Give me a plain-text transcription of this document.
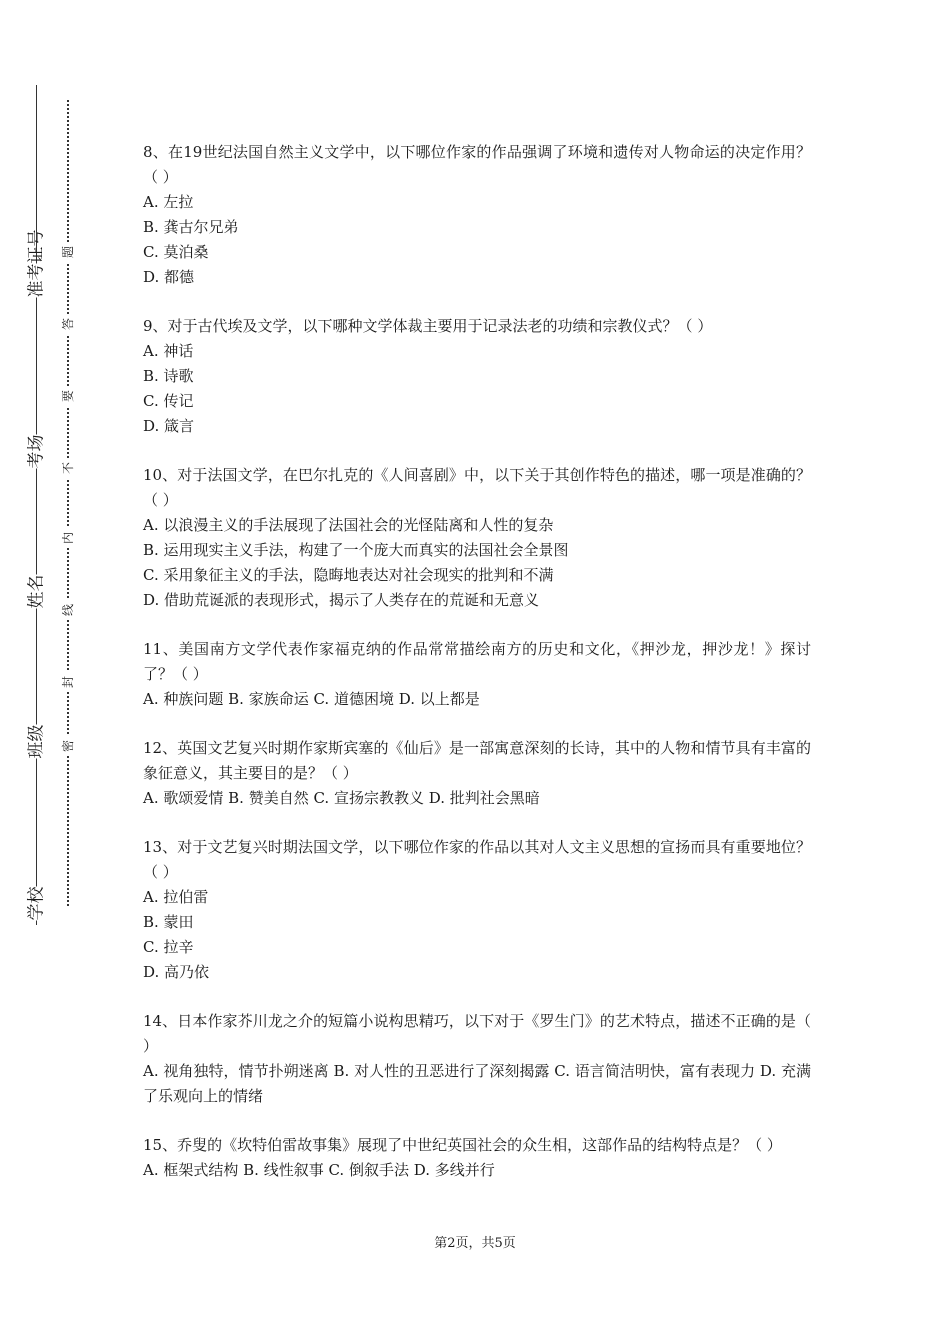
学校
班级
姓名
考场
准考证号
密
封
线
内
不
要
答
题

8、在19世纪法国自然主义文学中，以下哪位作家的作品强调了环境和遗传对人物命运的决定作用？（ ）

A. 左拉

B. 龚古尔兄弟

C. 莫泊桑

D. 都德

9、对于古代埃及文学，以下哪种文学体裁主要用于记录法老的功绩和宗教仪式？（ ）

A. 神话

B. 诗歌

C. 传记

D. 箴言

10、对于法国文学，在巴尔扎克的《人间喜剧》中，以下关于其创作特色的描述，哪一项是准确的？（ ）

A. 以浪漫主义的手法展现了法国社会的光怪陆离和人性的复杂

B. 运用现实主义手法，构建了一个庞大而真实的法国社会全景图

C. 采用象征主义的手法，隐晦地表达对社会现实的批判和不满

D. 借助荒诞派的表现形式，揭示了人类存在的荒诞和无意义

11、美国南方文学代表作家福克纳的作品常常描绘南方的历史和文化，《押沙龙，押沙龙！》探讨了？（ ）

A. 种族问题 B. 家族命运 C. 道德困境 D. 以上都是

12、英国文艺复兴时期作家斯宾塞的《仙后》是一部寓意深刻的长诗，其中的人物和情节具有丰富的象征意义，其主要目的是？（ ）

A. 歌颂爱情 B. 赞美自然 C. 宣扬宗教教义 D. 批判社会黑暗

13、对于文艺复兴时期法国文学，以下哪位作家的作品以其对人文主义思想的宣扬而具有重要地位？（ ）

A. 拉伯雷

B. 蒙田

C. 拉辛

D. 高乃依

14、日本作家芥川龙之介的短篇小说构思精巧，以下对于《罗生门》的艺术特点，描述不正确的是（ ）

A. 视角独特，情节扑朔迷离 B. 对人性的丑恶进行了深刻揭露 C. 语言简洁明快，富有表现力 D. 充满了乐观向上的情绪

15、乔叟的《坎特伯雷故事集》展现了中世纪英国社会的众生相，这部作品的结构特点是？（ ）

A. 框架式结构 B. 线性叙事 C. 倒叙手法 D. 多线并行

第2页，共5页
